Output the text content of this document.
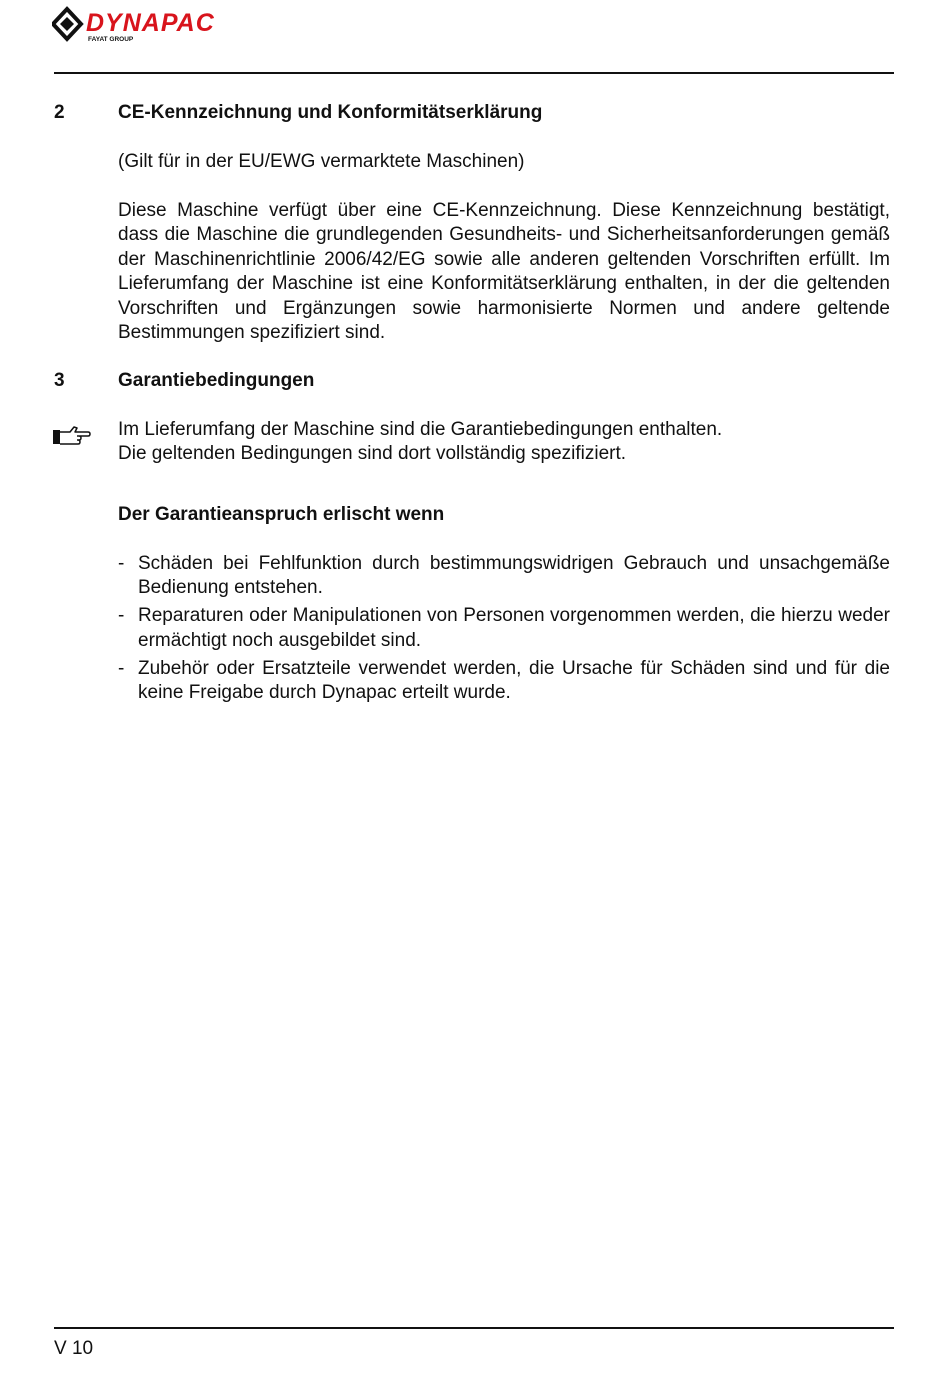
DYNAPAC
FAYAT GROUP
2	CE-Kennzeichnung und Konformitätserklärung

(Gilt für in der EU/EWG vermarktete Maschinen)

Diese Maschine verfügt über eine CE-Kennzeichnung. Diese Kennzeichnung bestätigt, dass die Maschine die grundlegenden Gesundheits- und Sicherheitsanforderungen gemäß der Maschinenrichtlinie 2006/42/EG sowie alle anderen geltenden Vorschriften erfüllt. Im Lieferumfang der Maschine ist eine Konformitätserklärung enthalten, in der die geltenden Vorschriften und Ergänzungen sowie harmonisierte Normen und andere geltende Bestimmungen spezifiziert sind.

3	Garantiebedingungen

Im Lieferumfang der Maschine sind die Garantiebedingungen enthalten.
Die geltenden Bedingungen sind dort vollständig spezifiziert.

Der Garantieanspruch erlischt wenn
- Schäden bei Fehlfunktion durch bestimmungswidrigen Gebrauch und unsachgemäße Bedienung entstehen.
- Reparaturen oder Manipulationen von Personen vorgenommen werden, die hierzu weder ermächtigt noch ausgebildet sind.
- Zubehör oder Ersatzteile verwendet werden, die Ursache für Schäden sind und für die keine Freigabe durch Dynapac erteilt wurde.
V 10
